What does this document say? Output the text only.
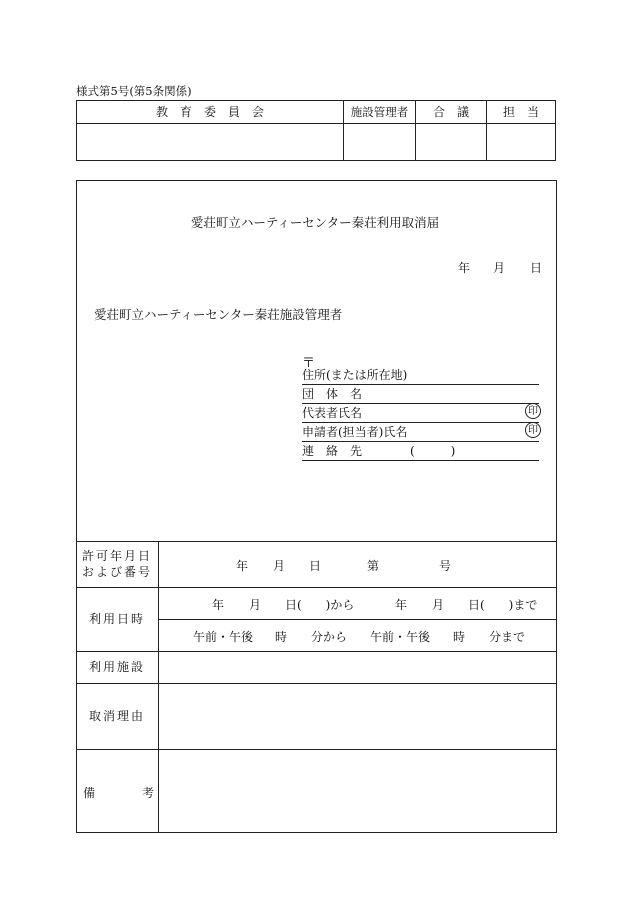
様式第5号(第5条関係)
教　育　委　員　会	施設管理者	合　議	担　当
愛荘町立ハーティーセンター秦荘利用取消届
年 月 日
愛荘町立ハーティーセンター秦荘施設管理者
〒
住所(または所在地)
団　体　名
代表者氏名	印
申請者(担当者)氏名	印
連　絡　先	(　　　)
許可年月日
および番号	年 月 日	第	号
利用日時
年 月 日(　　)から	年 月 日(　　)まで
午前・午後 時 分から 午前・午後 時 分まで
利用施設
取消理由
備	考
